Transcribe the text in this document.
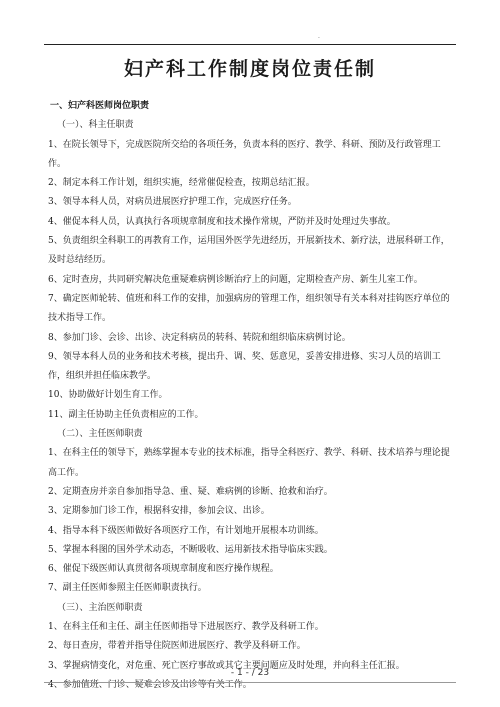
.
妇产科工作制度岗位责任制

一、妇产科医师岗位职责

（一）、科主任职责

1、在院长领导下，完成医院所交给的各项任务，负责本科的医疗、教学、科研、预防及行政管理工作。

2、制定本科工作计划，组织实施，经常催促检查，按期总结汇报。

3、领导本科人员，对病员进展医疗护理工作，完成医疗任务。

4、催促本科人员，认真执行各项规章制度和技术操作常规，严防并及时处理过失事故。

5、负责组织全科职工的再教育工作，运用国外医学先进经历，开展新技术、新疗法，进展科研工作，及时总结经历。

6、定时查房，共同研究解决危重疑难病例诊断治疗上的问题，定期检查产房、新生儿室工作。

7、确定医师轮转、值班和科工作的安排，加强病房的管理工作，组织领导有关本科对挂钩医疗单位的技术指导工作。

8、参加门诊、会诊、出诊、决定科病员的转科、转院和组织临床病例讨论。

9、领导本科人员的业务和技术考核，提出升、调、奖、惩意见，妥善安排进修、实习人员的培训工作，组织并担任临床教学。

10、协助做好计划生育工作。

11、副主任协助主任负责相应的工作。

（二）、主任医师职责

1、在科主任的领导下，熟练掌握本专业的技术标准，指导全科医疗、教学、科研、技术培养与理论提高工作。

2、定期查房并亲自参加指导急、重、疑、难病例的诊断、抢救和治疗。

3、定期参加门诊工作，根据科安排，参加会议、出诊。

4、指导本科下级医师做好各项医疗工作，有计划地开展根本功训练。

5、掌握本科图的国外学术动态，不断吸收、运用新技术指导临床实践。

6、催促下级医师认真贯彻各项规章制度和医疗操作规程。

7、副主任医师参照主任医师职责执行。

（三）、主治医师职责

1、在科主任和主任、副主任医师指导下进展医疗、教学及科研工作。

2、每日查房，带着并指导住院医师进展医疗、教学及科研工作。

3、掌握病情变化，对危重、死亡医疗事故或其它主要问题应及时处理，并向科主任汇报。

4、参加值班、门诊、疑难会诊及出诊等有关工作。

- 1 - / 23
